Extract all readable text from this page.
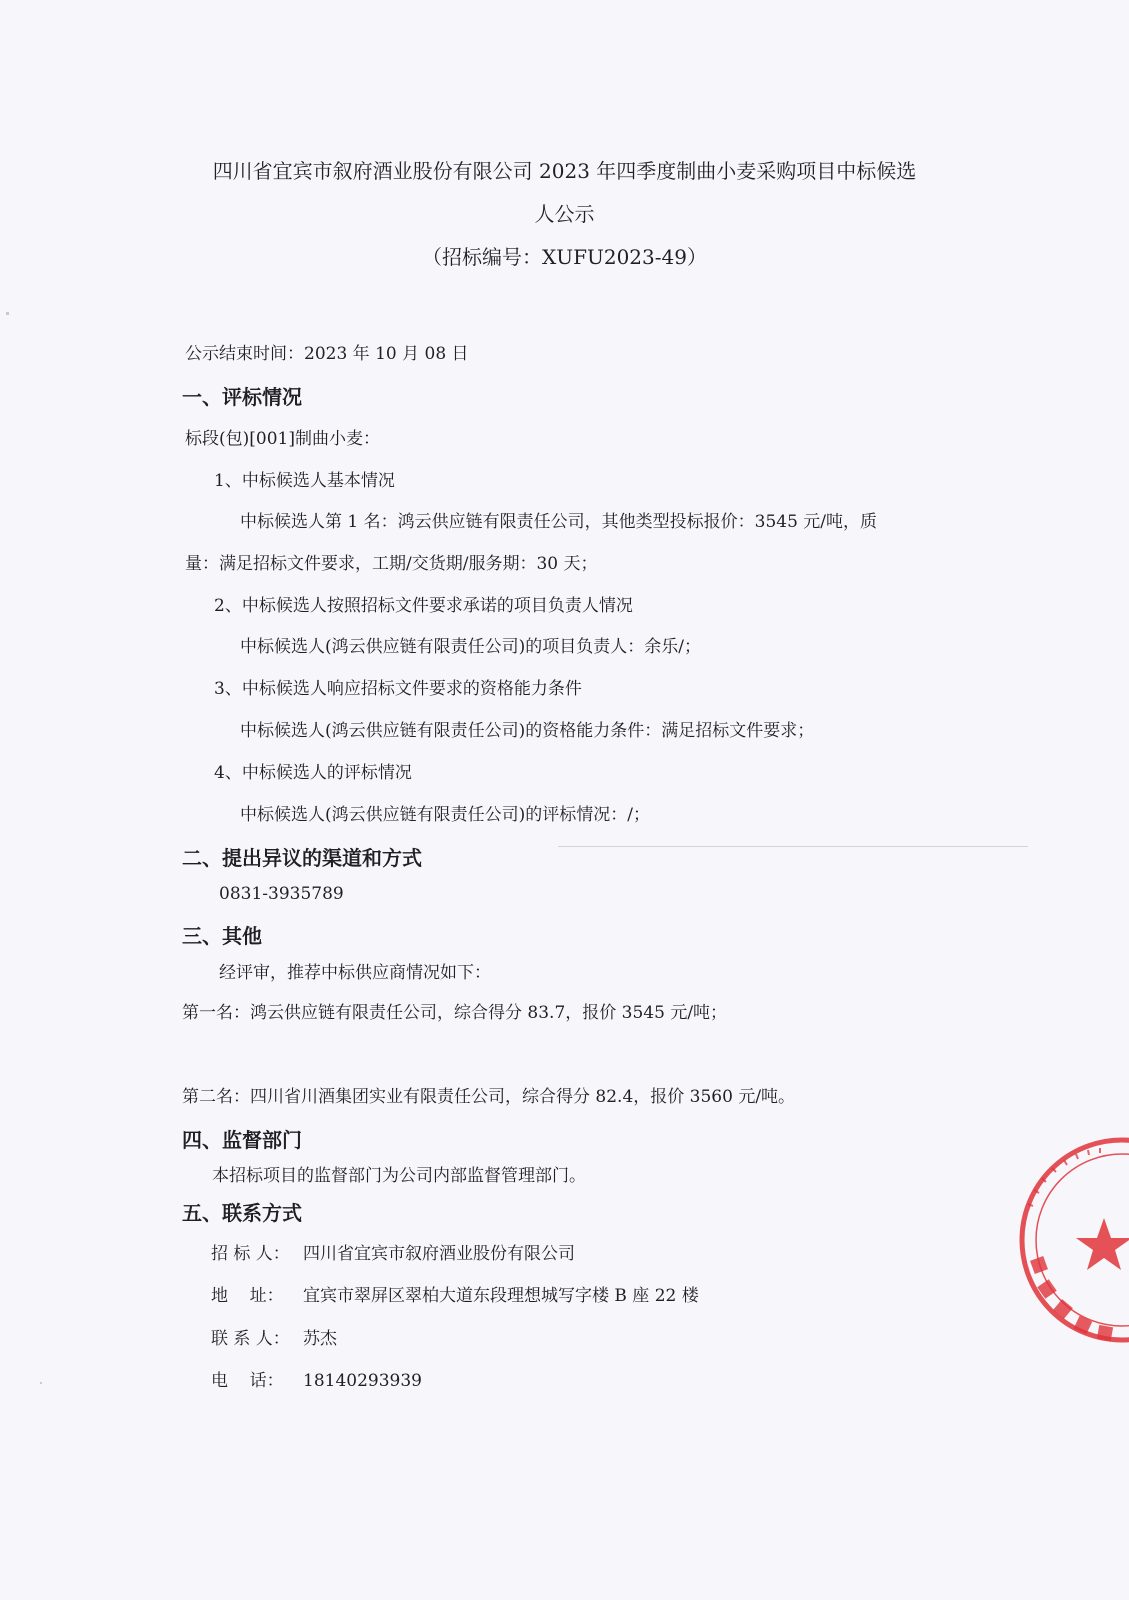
四川省宜宾市叙府酒业股份有限公司 2023 年四季度制曲小麦采购项目中标候选
人公示
（招标编号：XUFU2023-49）
公示结束时间：2023 年 10 月 08 日
一、评标情况
标段(包)[001]制曲小麦：
1、中标候选人基本情况
中标候选人第 1 名：鸿云供应链有限责任公司，其他类型投标报价：3545 元/吨，质
量：满足招标文件要求，工期/交货期/服务期：30 天；
2、中标候选人按照招标文件要求承诺的项目负责人情况
中标候选人(鸿云供应链有限责任公司)的项目负责人：余乐/；
3、中标候选人响应招标文件要求的资格能力条件
中标候选人(鸿云供应链有限责任公司)的资格能力条件：满足招标文件要求；
4、中标候选人的评标情况
中标候选人(鸿云供应链有限责任公司)的评标情况：/；
二、提出异议的渠道和方式
0831-3935789
三、其他
经评审，推荐中标供应商情况如下：
第一名：鸿云供应链有限责任公司，综合得分 83.7，报价 3545 元/吨；
第二名：四川省川酒集团实业有限责任公司，综合得分 82.4，报价 3560 元/吨。
四、监督部门
本招标项目的监督部门为公司内部监督管理部门。
五、联系方式
招 标 人： 四川省宜宾市叙府酒业股份有限公司
地    址： 宜宾市翠屏区翠柏大道东段理想城写字楼 B 座 22 楼
联 系 人： 苏杰
电    话： 18140293939
